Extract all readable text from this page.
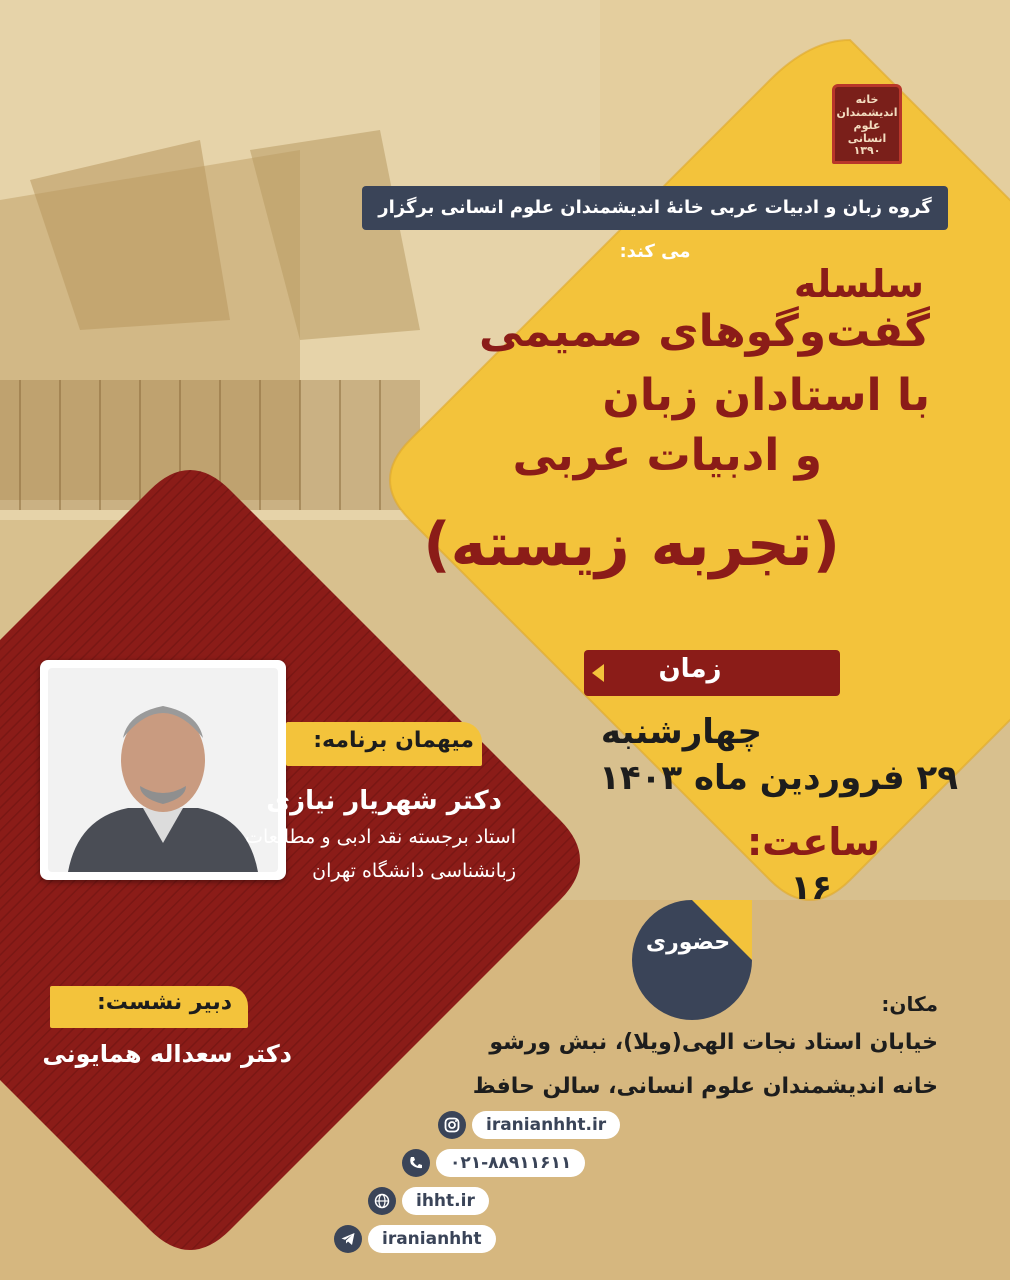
گروه زبان و ادبیات عربی خانۀ اندیشمندان علوم انسانی برگزار می کند:
خانه
اندیشمندان
علوم انسانی
۱۳۹۰
سلسله
گفت‌وگوهای صمیمی
با استادان زبان
و ادبیات عربی
(تجربه زیسته)
زمان
چهارشنبه
۲۹ فروردین ماه ۱۴۰۳
ساعت:
۱۶
میهمان برنامه:
دکتر شهریار نیازی
استاد برجسته نقد ادبی و مطالعات
زبانشناسی دانشگاه تهران
دبیر نشست:
دکتر سعداله همایونی
حضوری
مکان:
خیابان استاد نجات الهی(ویلا)، نبش ورشو
خانه اندیشمندان علوم انسانی، سالن حافظ
iranianhht.ir
۰۲۱-۸۸۹۱۱۶۱۱
ihht.ir
iranianhht
